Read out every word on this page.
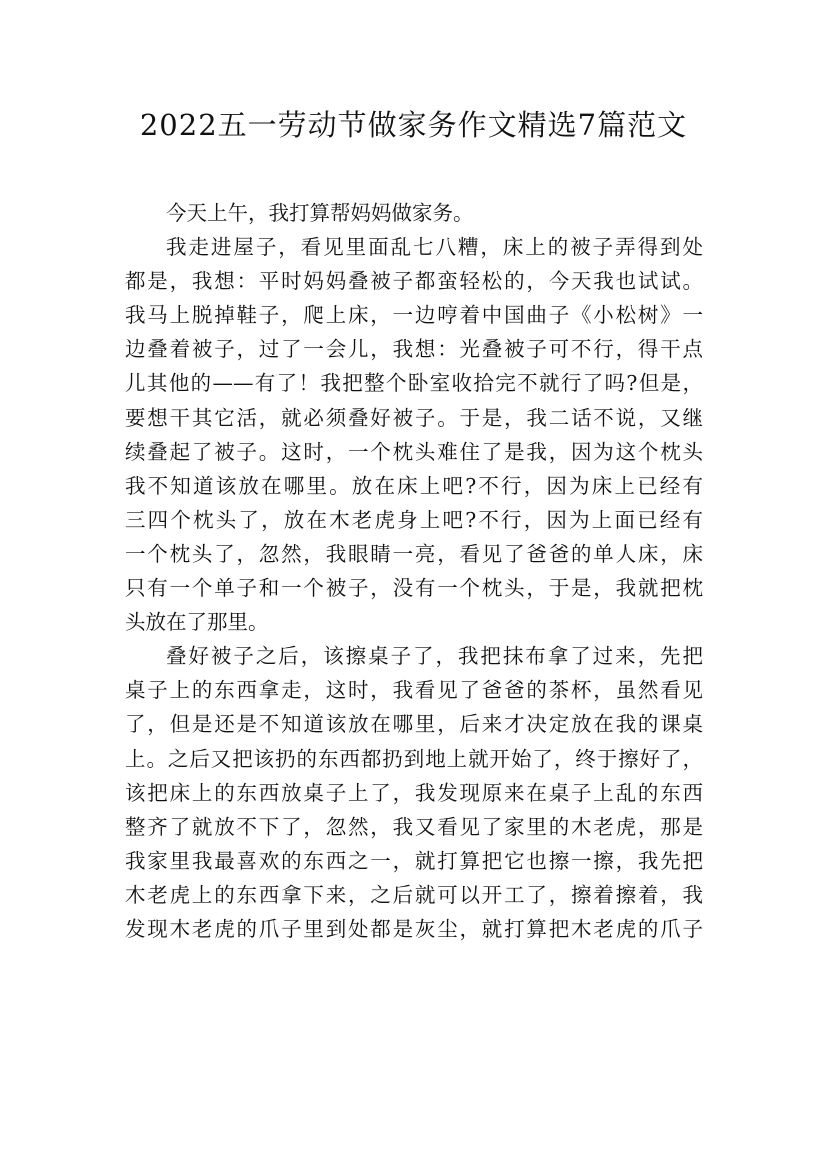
2022五一劳动节做家务作文精选7篇范文
今天上午，我打算帮妈妈做家务。
我走进屋子，看见里面乱七八糟，床上的被子弄得到处
都是，我想：平时妈妈叠被子都蛮轻松的，今天我也试试。
我马上脱掉鞋子，爬上床，一边哼着中国曲子《小松树》一
边叠着被子，过了一会儿，我想：光叠被子可不行，得干点
儿其他的——有了！我把整个卧室收拾完不就行了吗?但是，
要想干其它活，就必须叠好被子。于是，我二话不说，又继
续叠起了被子。这时，一个枕头难住了是我，因为这个枕头
我不知道该放在哪里。放在床上吧?不行，因为床上已经有
三四个枕头了，放在木老虎身上吧?不行，因为上面已经有
一个枕头了，忽然，我眼睛一亮，看见了爸爸的单人床，床
只有一个单子和一个被子，没有一个枕头，于是，我就把枕
头放在了那里。
叠好被子之后，该擦桌子了，我把抹布拿了过来，先把
桌子上的东西拿走，这时，我看见了爸爸的茶杯，虽然看见
了，但是还是不知道该放在哪里，后来才决定放在我的课桌
上。之后又把该扔的东西都扔到地上就开始了，终于擦好了，
该把床上的东西放桌子上了，我发现原来在桌子上乱的东西
整齐了就放不下了，忽然，我又看见了家里的木老虎，那是
我家里我最喜欢的东西之一，就打算把它也擦一擦，我先把
木老虎上的东西拿下来，之后就可以开工了，擦着擦着，我
发现木老虎的爪子里到处都是灰尘，就打算把木老虎的爪子
